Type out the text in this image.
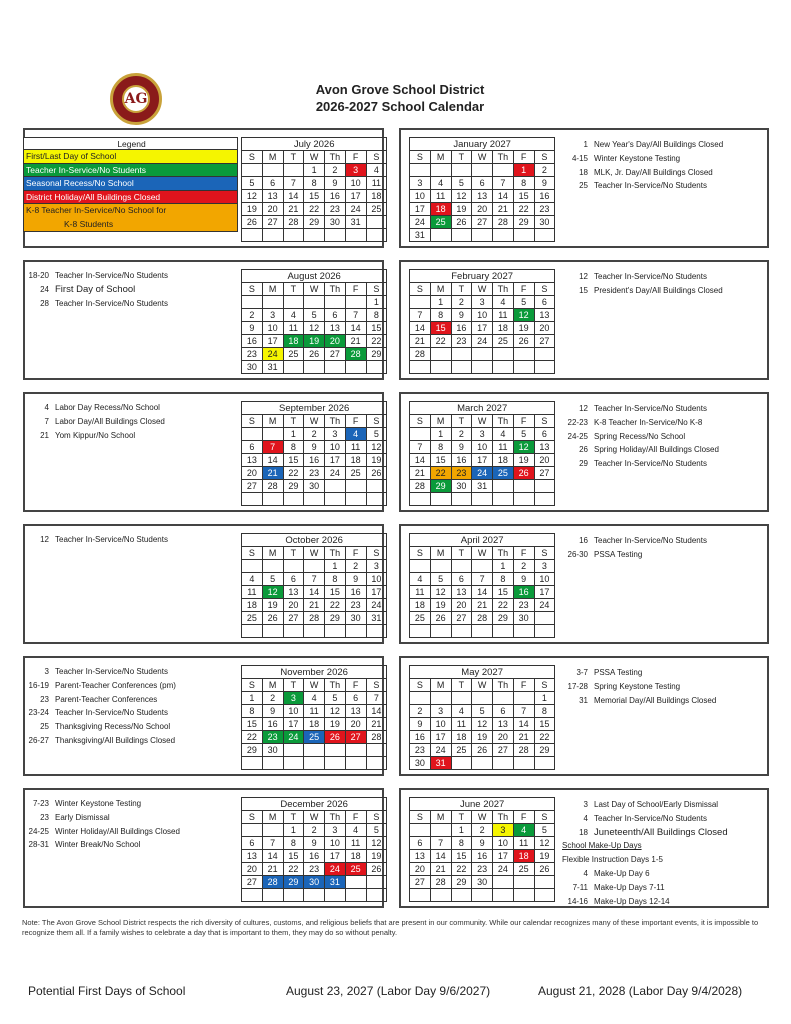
AG
Avon Grove School District
2026-2027 School Calendar
July 2026						
S	M	T	W	Th	F	S
			1	2	3	4
5	6	7	8	9	10	11
12	13	14	15	16	17	18
19	20	21	22	23	24	25
26	27	28	29	30	31	

January 2027						
S	M	T	W	Th	F	S
					1	2
3	4	5	6	7	8	9
10	11	12	13	14	15	16
17	18	19	20	21	22	23
24	25	26	27	28	29	30
31						
1 New Year's Day/All Buildings Closed
4-15 Winter Keystone Testing
18 MLK, Jr. Day/All Buildings Closed
25 Teacher In-Service/No Students
August 2026						
S	M	T	W	Th	F	S
						1
2	3	4	5	6	7	8
9	10	11	12	13	14	15
16	17	18	19	20	21	22
23	24	25	26	27	28	29
30	31					
18-20 Teacher In-Service/No Students
24 First Day of School
28 Teacher In-Service/No Students
February 2027						
S	M	T	W	Th	F	S
	1	2	3	4	5	6
7	8	9	10	11	12	13
14	15	16	17	18	19	20
21	22	23	24	25	26	27
28						

12 Teacher In-Service/No Students
15 President's Day/All Buildings Closed
September 2026						
S	M	T	W	Th	F	S
		1	2	3	4	5
6	7	8	9	10	11	12
13	14	15	16	17	18	19
20	21	22	23	24	25	26
27	28	29	30			

4 Labor Day Recess/No School
7 Labor Day/All Buildings Closed
21 Yom Kippur/No School
March 2027						
S	M	T	W	Th	F	S
	1	2	3	4	5	6
7	8	9	10	11	12	13
14	15	16	17	18	19	20
21	22	23	24	25	26	27
28	29	30	31			

12 Teacher In-Service/No Students
22-23 K-8 Teacher In-Service/No K-8
24-25 Spring Recess/No School
26 Spring Holiday/All Buildings Closed
29 Teacher In-Service/No Students
October 2026						
S	M	T	W	Th	F	S
				1	2	3
4	5	6	7	8	9	10
11	12	13	14	15	16	17
18	19	20	21	22	23	24
25	26	27	28	29	30	31

12 Teacher In-Service/No Students	April 2027						
S	M	T	W	Th	F	S
				1	2	3
4	5	6	7	8	9	10
11	12	13	14	15	16	17
18	19	20	21	22	23	24
25	26	27	28	29	30	

16 Teacher In-Service/No Students
26-30 PSSA Testing
November 2026						
S	M	T	W	Th	F	S
1	2	3	4	5	6	7
8	9	10	11	12	13	14
15	16	17	18	19	20	21
22	23	24	25	26	27	28
29	30					

3 Teacher In-Service/No Students
16-19 Parent-Teacher Conferences (pm)
23 Parent-Teacher Conferences
23-24 Teacher In-Service/No Students
25 Thanksgiving Recess/No School
26-27 Thanksgiving/All Buildings Closed
May 2027						
S	M	T	W	Th	F	S
						1
2	3	4	5	6	7	8
9	10	11	12	13	14	15
16	17	18	19	20	21	22
23	24	25	26	27	28	29
30	31					
3-7 PSSA Testing
17-28 Spring Keystone Testing
31 Memorial Day/All Buildings Closed
December 2026						
S	M	T	W	Th	F	S
		1	2	3	4	5
6	7	8	9	10	11	12
13	14	15	16	17	18	19
20	21	22	23	24	25	26
27	28	29	30	31		

7-23 Winter Keystone Testing
23 Early Dismissal
24-25 Winter Holiday/All Buildings Closed
28-31 Winter Break/No School
June 2027						
S	M	T	W	Th	F	S
		1	2	3	4	5
6	7	8	9	10	11	12
13	14	15	16	17	18	19
20	21	22	23	24	25	26
27	28	29	30			

3 Last Day of School/Early Dismissal
4 Teacher In-Service/No Students
18 Juneteenth/All Buildings Closed
School Make-Up Days
Flexible Instruction Days 1-5
4 Make-Up Day 6
7-11 Make-Up Days 7-11
14-16 Make-Up Days 12-14
Legend
First/Last Day of School
Teacher In-Service/No Students
Seasonal Recess/No School
District Holiday/All Buildings Closed

K-8 Teacher In-Service/No School for
K-8 Students
Note: The Avon Grove School District respects the rich diversity of cultures, customs, and religious beliefs that are present in our community. While our calendar recognizes many of these important events, it is impossible to recognize them all. If a family wishes to celebrate a day that is important to them, they may do so without penalty.
Potential First Days of School	August 23, 2027 (Labor Day 9/6/2027)	August 21, 2028 (Labor Day 9/4/2028)
